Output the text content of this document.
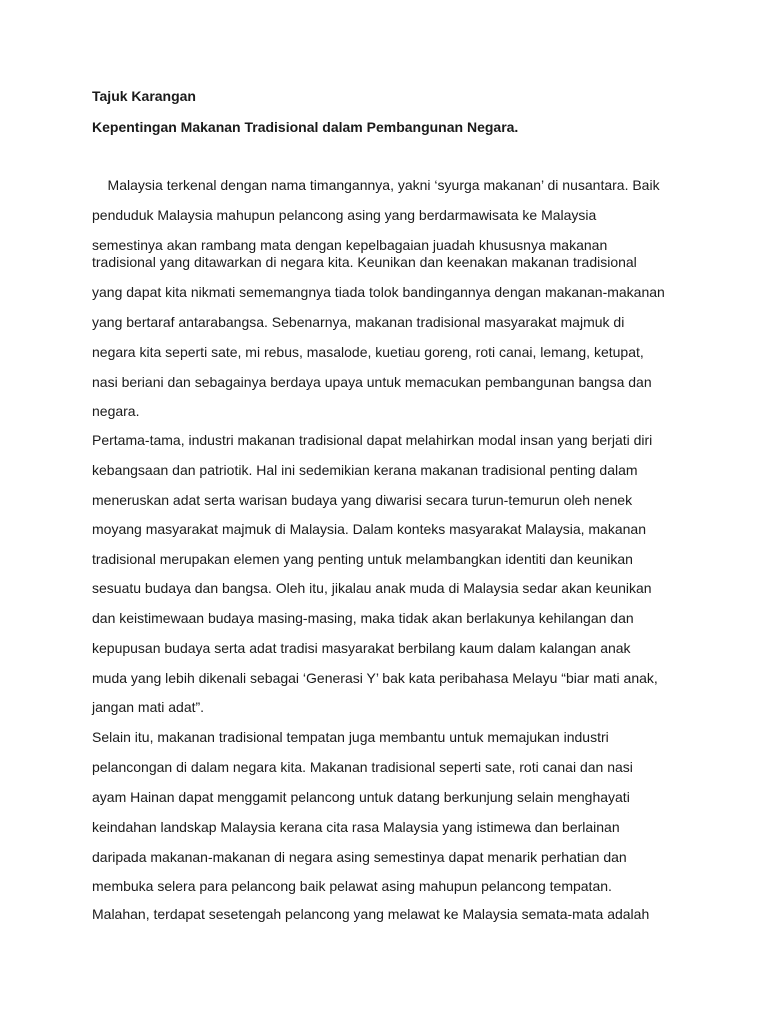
Tajuk Karangan
Kepentingan Makanan Tradisional dalam Pembangunan Negara.
Malaysia terkenal dengan nama timangannya, yakni ‘syurga makanan’ di nusantara. Baik
penduduk Malaysia mahupun pelancong asing yang berdarmawisata ke Malaysia
semestinya akan rambang mata dengan kepelbagaian juadah khususnya makanan
tradisional yang ditawarkan di negara kita. Keunikan dan keenakan makanan tradisional
yang dapat kita nikmati sememangnya tiada tolok bandingannya dengan makanan-makanan
yang bertaraf antarabangsa. Sebenarnya, makanan tradisional masyarakat majmuk di
negara kita seperti sate, mi rebus, masalode, kuetiau goreng, roti canai, lemang, ketupat,
nasi beriani dan sebagainya berdaya upaya untuk memacukan pembangunan bangsa dan
negara.
Pertama-tama, industri makanan tradisional dapat melahirkan modal insan yang berjati diri
kebangsaan dan patriotik. Hal ini sedemikian kerana makanan tradisional penting dalam
meneruskan adat serta warisan budaya yang diwarisi secara turun-temurun oleh nenek
moyang masyarakat majmuk di Malaysia. Dalam konteks masyarakat Malaysia, makanan
tradisional merupakan elemen yang penting untuk melambangkan identiti dan keunikan
sesuatu budaya dan bangsa. Oleh itu, jikalau anak muda di Malaysia sedar akan keunikan
dan keistimewaan budaya masing-masing, maka tidak akan berlakunya kehilangan dan
kepupusan budaya serta adat tradisi masyarakat berbilang kaum dalam kalangan anak
muda yang lebih dikenali sebagai ‘Generasi Y’ bak kata peribahasa Melayu “biar mati anak,
jangan mati adat”.
Selain itu, makanan tradisional tempatan juga membantu untuk memajukan industri
pelancongan di dalam negara kita. Makanan tradisional seperti sate, roti canai dan nasi
ayam Hainan dapat menggamit pelancong untuk datang berkunjung selain menghayati
keindahan landskap Malaysia kerana cita rasa Malaysia yang istimewa dan berlainan
daripada makanan-makanan di negara asing semestinya dapat menarik perhatian dan
membuka selera para pelancong baik pelawat asing mahupun pelancong tempatan.
Malahan, terdapat sesetengah pelancong yang melawat ke Malaysia semata-mata adalah
